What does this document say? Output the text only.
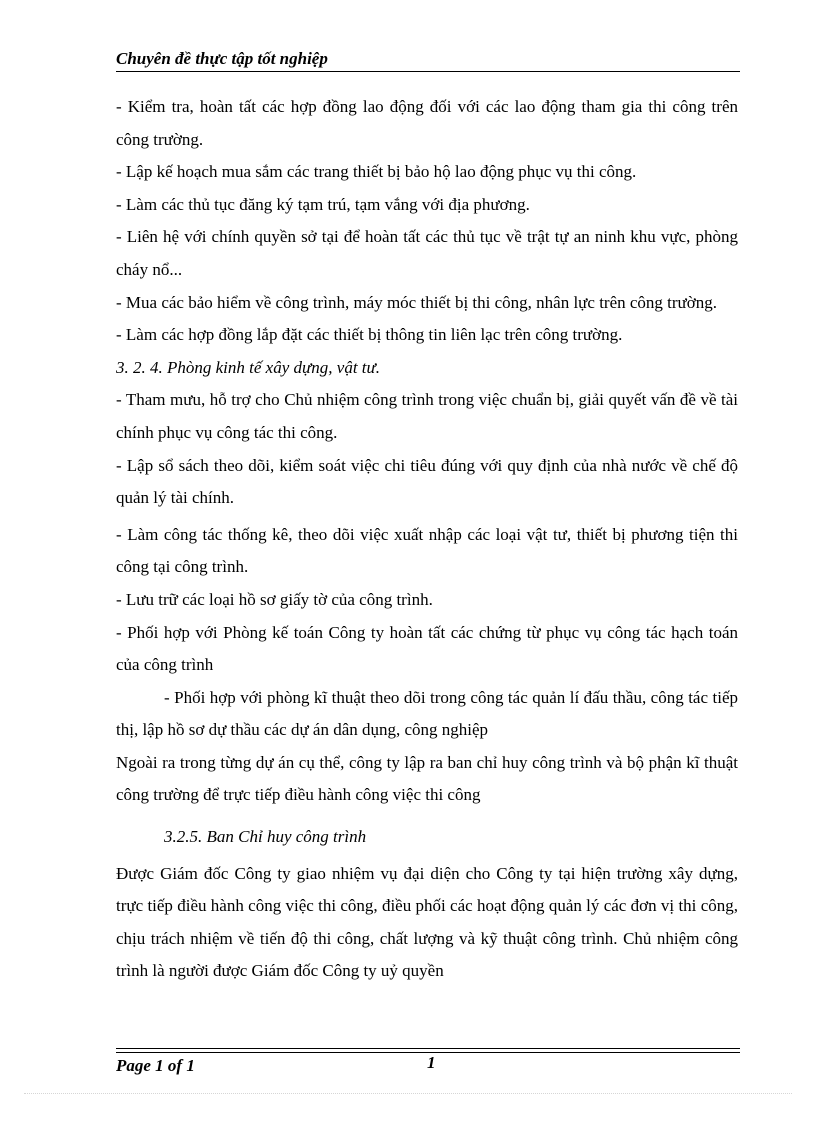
Chuyên đề thực tập tốt nghiệp

- Kiểm tra, hoàn tất các hợp đồng lao động đối với các lao động tham gia thi công trên công trường.

- Lập kế hoạch mua sắm các trang thiết bị bảo hộ lao động phục vụ thi công.

- Làm các thủ tục đăng ký tạm trú, tạm vắng với địa phương.

- Liên hệ với chính quyền sở tại để hoàn tất các thủ tục về trật tự an ninh khu vực, phòng cháy nổ...

- Mua các bảo hiểm về công trình, máy móc thiết bị thi công, nhân lực trên công trường.

- Làm các hợp đồng lắp đặt các thiết bị thông tin liên lạc trên công trường.

3. 2. 4. Phòng kinh tế xây dựng, vật tư.

- Tham mưu, hỗ trợ cho Chủ nhiệm công trình trong việc chuẩn bị, giải quyết vấn đề về tài chính phục vụ công tác thi công.

- Lập sổ sách theo dõi, kiểm soát việc chi tiêu đúng với quy định của nhà nước về chế độ quản lý tài chính.

- Làm công tác thống kê, theo dõi việc xuất nhập các loại vật tư, thiết bị phương tiện thi công tại công trình.

- Lưu trữ các loại hồ sơ giấy tờ của công trình.

- Phối hợp với Phòng kế toán Công ty hoàn tất các chứng từ phục vụ công tác hạch toán của công trình

- Phối hợp với phòng kĩ thuật theo dõi trong công tác quản lí đấu thầu, công tác tiếp thị, lập hồ sơ dự thầu các dự án dân dụng, công nghiệp

Ngoài ra trong từng dự án cụ thể, công ty lập ra ban chỉ huy công trình và bộ phận kĩ thuật công trường để trực tiếp điều hành công việc thi công

3.2.5. Ban Chỉ huy công trình

Được Giám đốc Công ty giao nhiệm vụ đại diện cho Công ty tại hiện trường xây dựng, trực tiếp điều hành công việc thi công, điều phối các hoạt động quản lý các đơn vị thi công, chịu trách nhiệm về tiến độ thi công, chất lượng và kỹ thuật công trình. Chủ nhiệm công trình là người được Giám đốc Công ty uỷ quyền

Page 1 of 1	1
